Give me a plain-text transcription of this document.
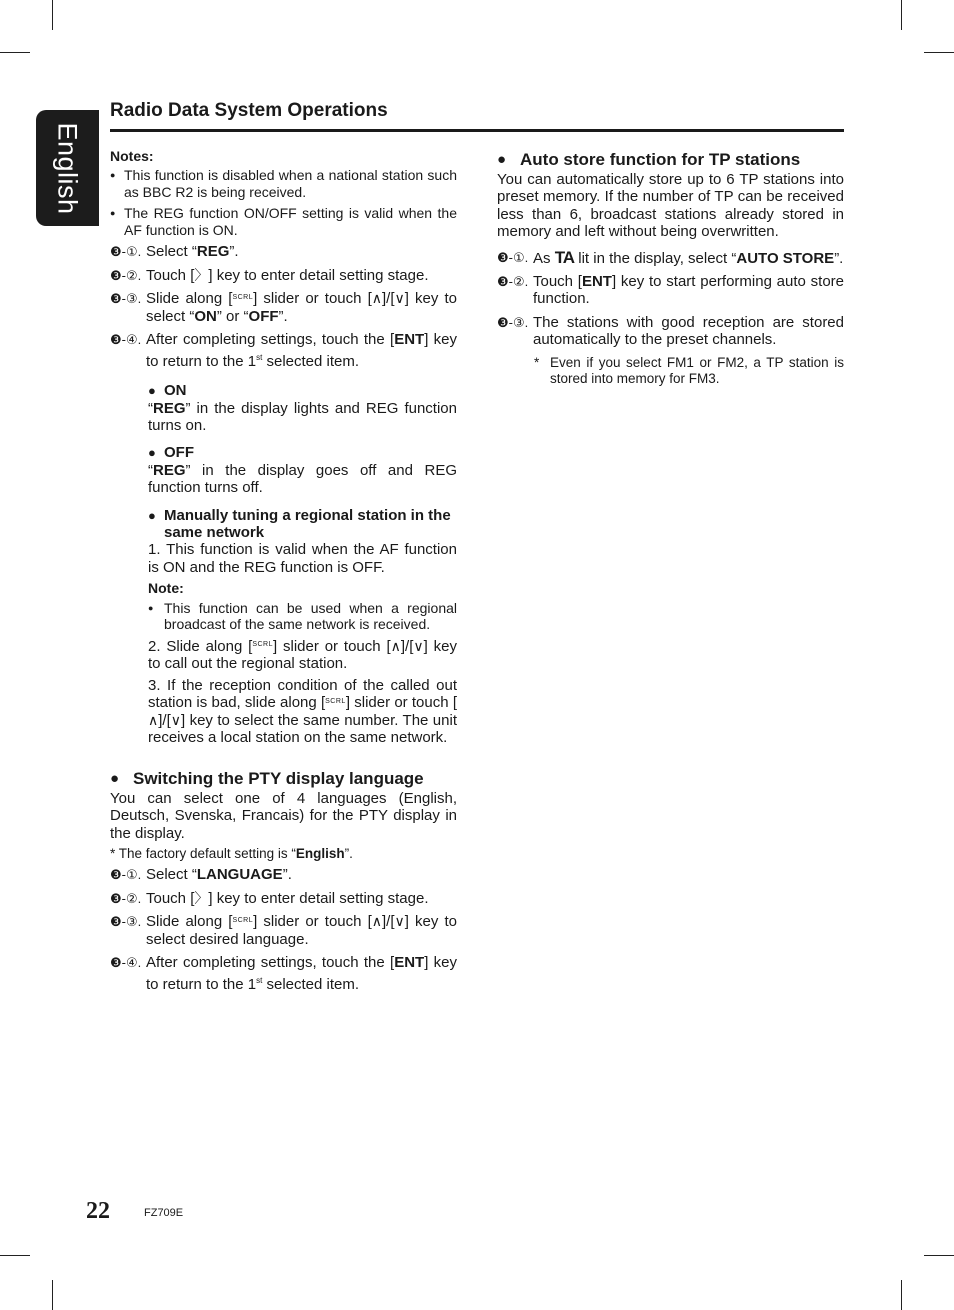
English
Radio Data System Operations
Notes:
● This function is disabled when a national station such as BBC R2 is being received.
● The REG function ON/OFF setting is valid when the AF function is ON.
❸-①. Select “REG”.
❸-②. Touch [〉] key to enter detail setting stage.
❸-③. Slide along [SCRL] slider or touch [∧]/[∨] key to select “ON” or “OFF”.
❸-④. After completing settings, touch the [ENT] key to return to the 1st selected item.
● ON
“REG” in the display lights and REG function turns on.
● OFF
“REG” in the display goes off and REG function turns off.
● Manually tuning a regional station in the same network
1. This function is valid when the AF function is ON and the REG function is OFF.
Note:
● This function can be used when a regional broadcast of the same network is received.
2. Slide along [SCRL] slider or touch [∧]/[∨] key to call out the regional station.
3. If the reception condition of the called out station is bad, slide along [SCRL] slider or touch [∧]/[∨] key to select the same number. The unit receives a local station on the same network.
● Switching the PTY display language
You can select one of 4 languages (English, Deutsch, Svenska, Francais) for the PTY display in the display.
* The factory default setting is “English”.
❸-①. Select “LANGUAGE”.
❸-②. Touch [〉] key to enter detail setting stage.
❸-③. Slide along [SCRL] slider or touch [∧]/[∨] key to select desired language.
❸-④. After completing settings, touch the [ENT] key to return to the 1st selected item.
● Auto store function for TP stations
You can automatically store up to 6 TP stations into preset memory. If the number of TP can be received less than 6, broadcast stations already stored in memory and left without being overwritten.
❸-①. As TA lit in the display, select “AUTO STORE”.
❸-②. Touch [ENT] key to start performing auto store function.
❸-③. The stations with good reception are stored automatically to the preset channels.
* Even if you select FM1 or FM2, a TP station is stored into memory for FM3.
22	FZ709E
